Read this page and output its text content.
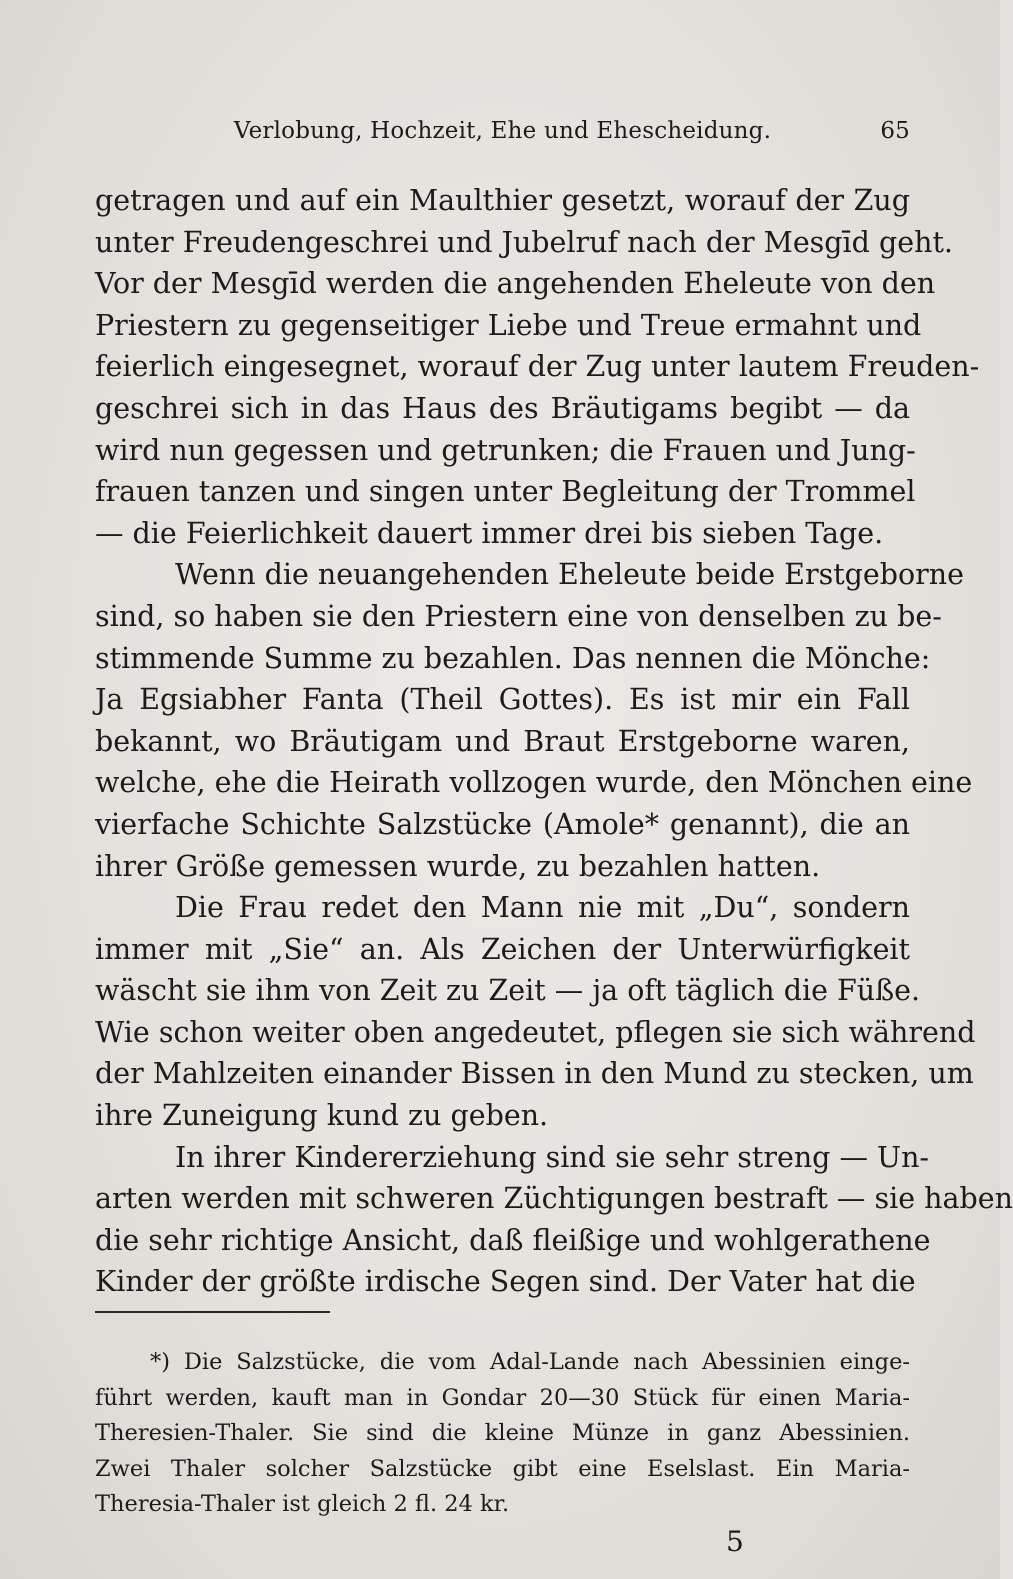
Verlobung, Hochzeit, Ehe und Ehescheidung.	65
getragen und auf ein Maulthier gesetzt, worauf der Zug
unter Freudengeschrei und Jubelruf nach der Mesgīd geht.
Vor der Mesgīd werden die angehenden Eheleute von den
Priestern zu gegenseitiger Liebe und Treue ermahnt und
feierlich eingesegnet, worauf der Zug unter lautem Freuden-
geschrei sich in das Haus des Bräutigams begibt — da
wird nun gegessen und getrunken; die Frauen und Jung-
frauen tanzen und singen unter Begleitung der Trommel
— die Feierlichkeit dauert immer drei bis sieben Tage.
Wenn die neuangehenden Eheleute beide Erstgeborne
sind, so haben sie den Priestern eine von denselben zu be-
stimmende Summe zu bezahlen. Das nennen die Mönche:
Ja Egsiabher Fanta (Theil Gottes). Es ist mir ein Fall
bekannt, wo Bräutigam und Braut Erstgeborne waren,
welche, ehe die Heirath vollzogen wurde, den Mönchen eine
vierfache Schichte Salzstücke (Amole* genannt), die an
ihrer Größe gemessen wurde, zu bezahlen hatten.
Die Frau redet den Mann nie mit „Du“, sondern
immer mit „Sie“ an. Als Zeichen der Unterwürfigkeit
wäscht sie ihm von Zeit zu Zeit — ja oft täglich die Füße.
Wie schon weiter oben angedeutet, pflegen sie sich während
der Mahlzeiten einander Bissen in den Mund zu stecken, um
ihre Zuneigung kund zu geben.
In ihrer Kindererziehung sind sie sehr streng — Un-
arten werden mit schweren Züchtigungen bestraft — sie haben
die sehr richtige Ansicht, daß fleißige und wohlgerathene
Kinder der größte irdische Segen sind. Der Vater hat die
*) Die Salzstücke, die vom Adal-Lande nach Abessinien einge-
führt werden, kauft man in Gondar 20—30 Stück für einen Maria-
Theresien-Thaler. Sie sind die kleine Münze in ganz Abessinien.
Zwei Thaler solcher Salzstücke gibt eine Eselslast. Ein Maria-
Theresia-Thaler ist gleich 2 fl. 24 kr.
5
